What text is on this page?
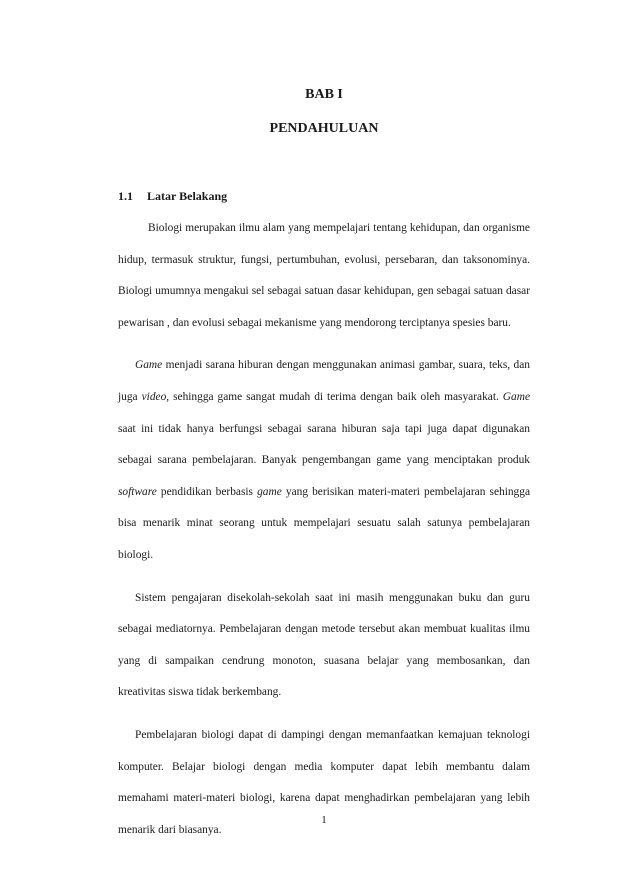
BAB I
PENDAHULUAN
1.1 Latar Belakang

Biologi merupakan ilmu alam yang mempelajari tentang kehidupan, dan organisme hidup, termasuk struktur, fungsi, pertumbuhan, evolusi, persebaran, dan taksonominya. Biologi umumnya mengakui sel sebagai satuan dasar kehidupan, gen sebagai satuan dasar pewarisan , dan evolusi sebagai mekanisme yang mendorong terciptanya spesies baru.

Game menjadi sarana hiburan dengan menggunakan animasi gambar, suara, teks, dan juga video, sehingga game sangat mudah di terima dengan baik oleh masyarakat. Game saat ini tidak hanya berfungsi sebagai sarana hiburan saja tapi juga dapat digunakan sebagai sarana pembelajaran. Banyak pengembangan game yang menciptakan produk software pendidikan berbasis game yang berisikan materi-materi pembelajaran sehingga bisa menarik minat seorang untuk mempelajari sesuatu salah satunya pembelajaran biologi.

Sistem pengajaran disekolah-sekolah saat ini masih menggunakan buku dan guru sebagai mediatornya. Pembelajaran dengan metode tersebut akan membuat kualitas ilmu yang di sampaikan cendrung monoton, suasana belajar yang membosankan, dan kreativitas siswa tidak berkembang.

Pembelajaran biologi dapat di dampingi dengan memanfaatkan kemajuan teknologi komputer. Belajar biologi dengan media komputer dapat lebih membantu dalam memahami materi-materi biologi, karena dapat menghadirkan pembelajaran yang lebih menarik dari biasanya.

1
